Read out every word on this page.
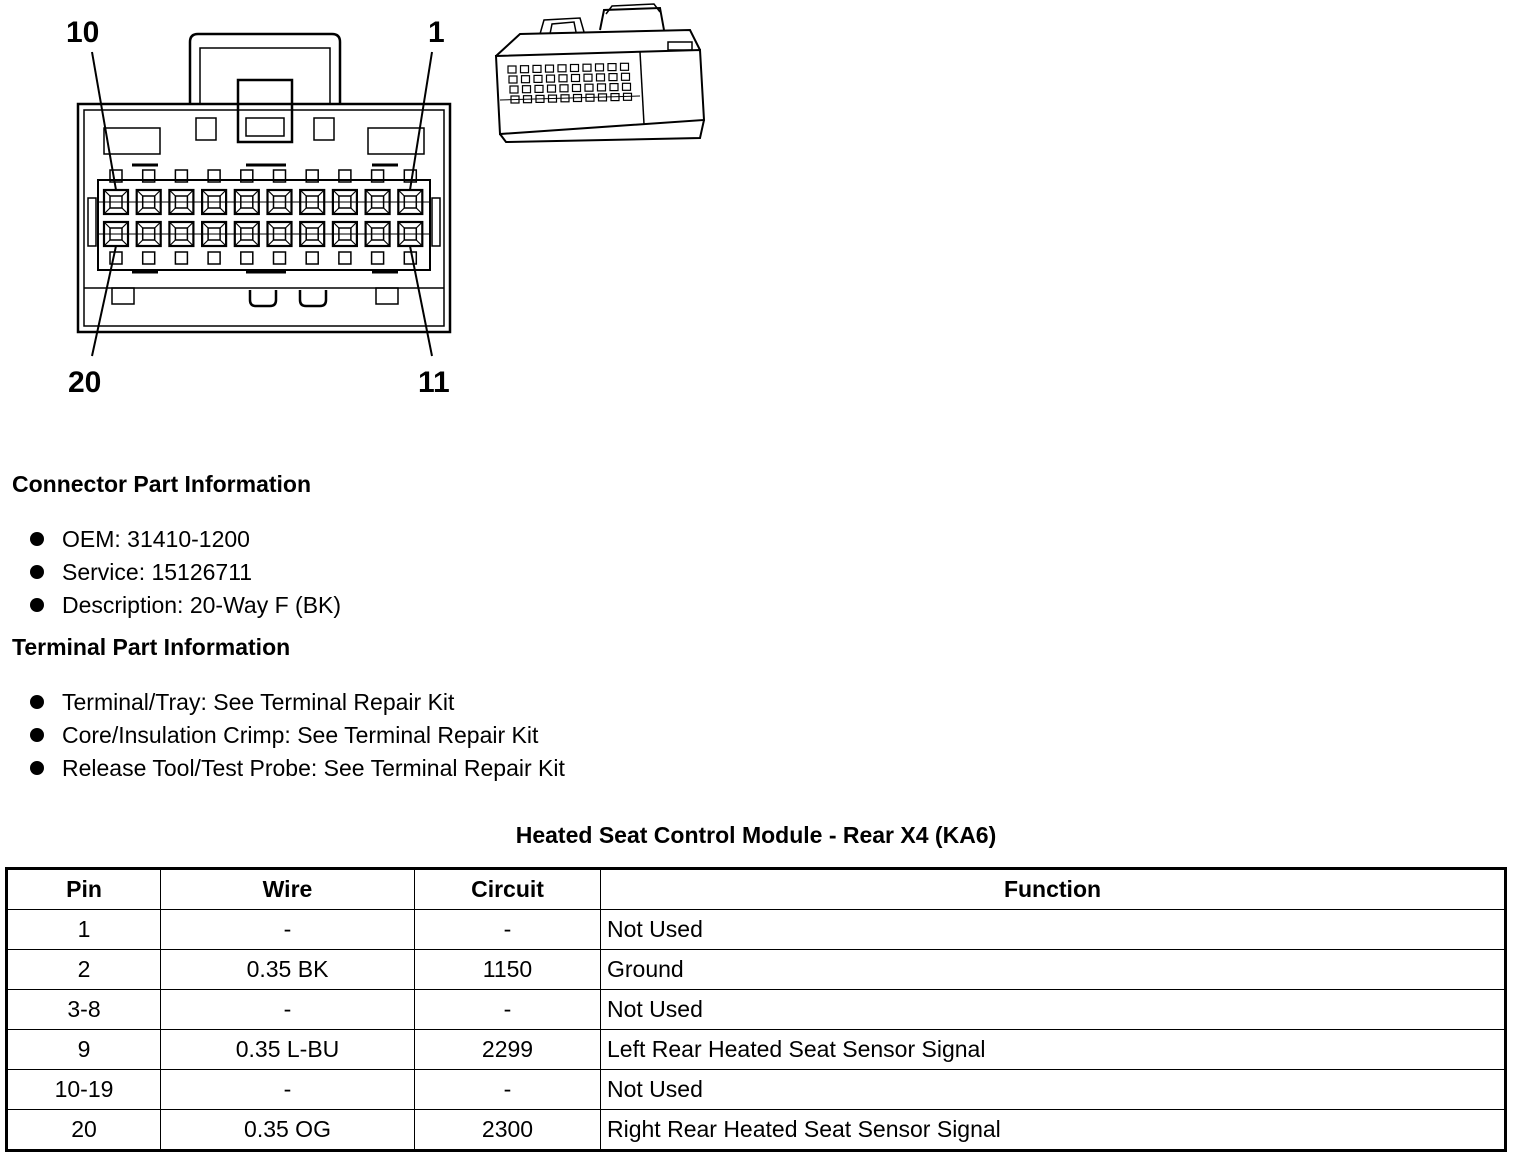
10	1
20	11
Connector Part Information
OEM: 31410-1200
Service: 15126711
Description: 20-Way F (BK)
Terminal Part Information
Terminal/Tray: See Terminal Repair Kit
Core/Insulation Crimp: See Terminal Repair Kit
Release Tool/Test Probe: See Terminal Repair Kit
Heated Seat Control Module - Rear X4 (KA6)
Pin	Wire	Circuit	Function
1	-	-	Not Used
2	0.35 BK	1150	Ground
3-8	-	-	Not Used
9	0.35 L-BU	2299	Left Rear Heated Seat Sensor Signal
10-19	-	-	Not Used
20	0.35 OG	2300	Right Rear Heated Seat Sensor Signal
